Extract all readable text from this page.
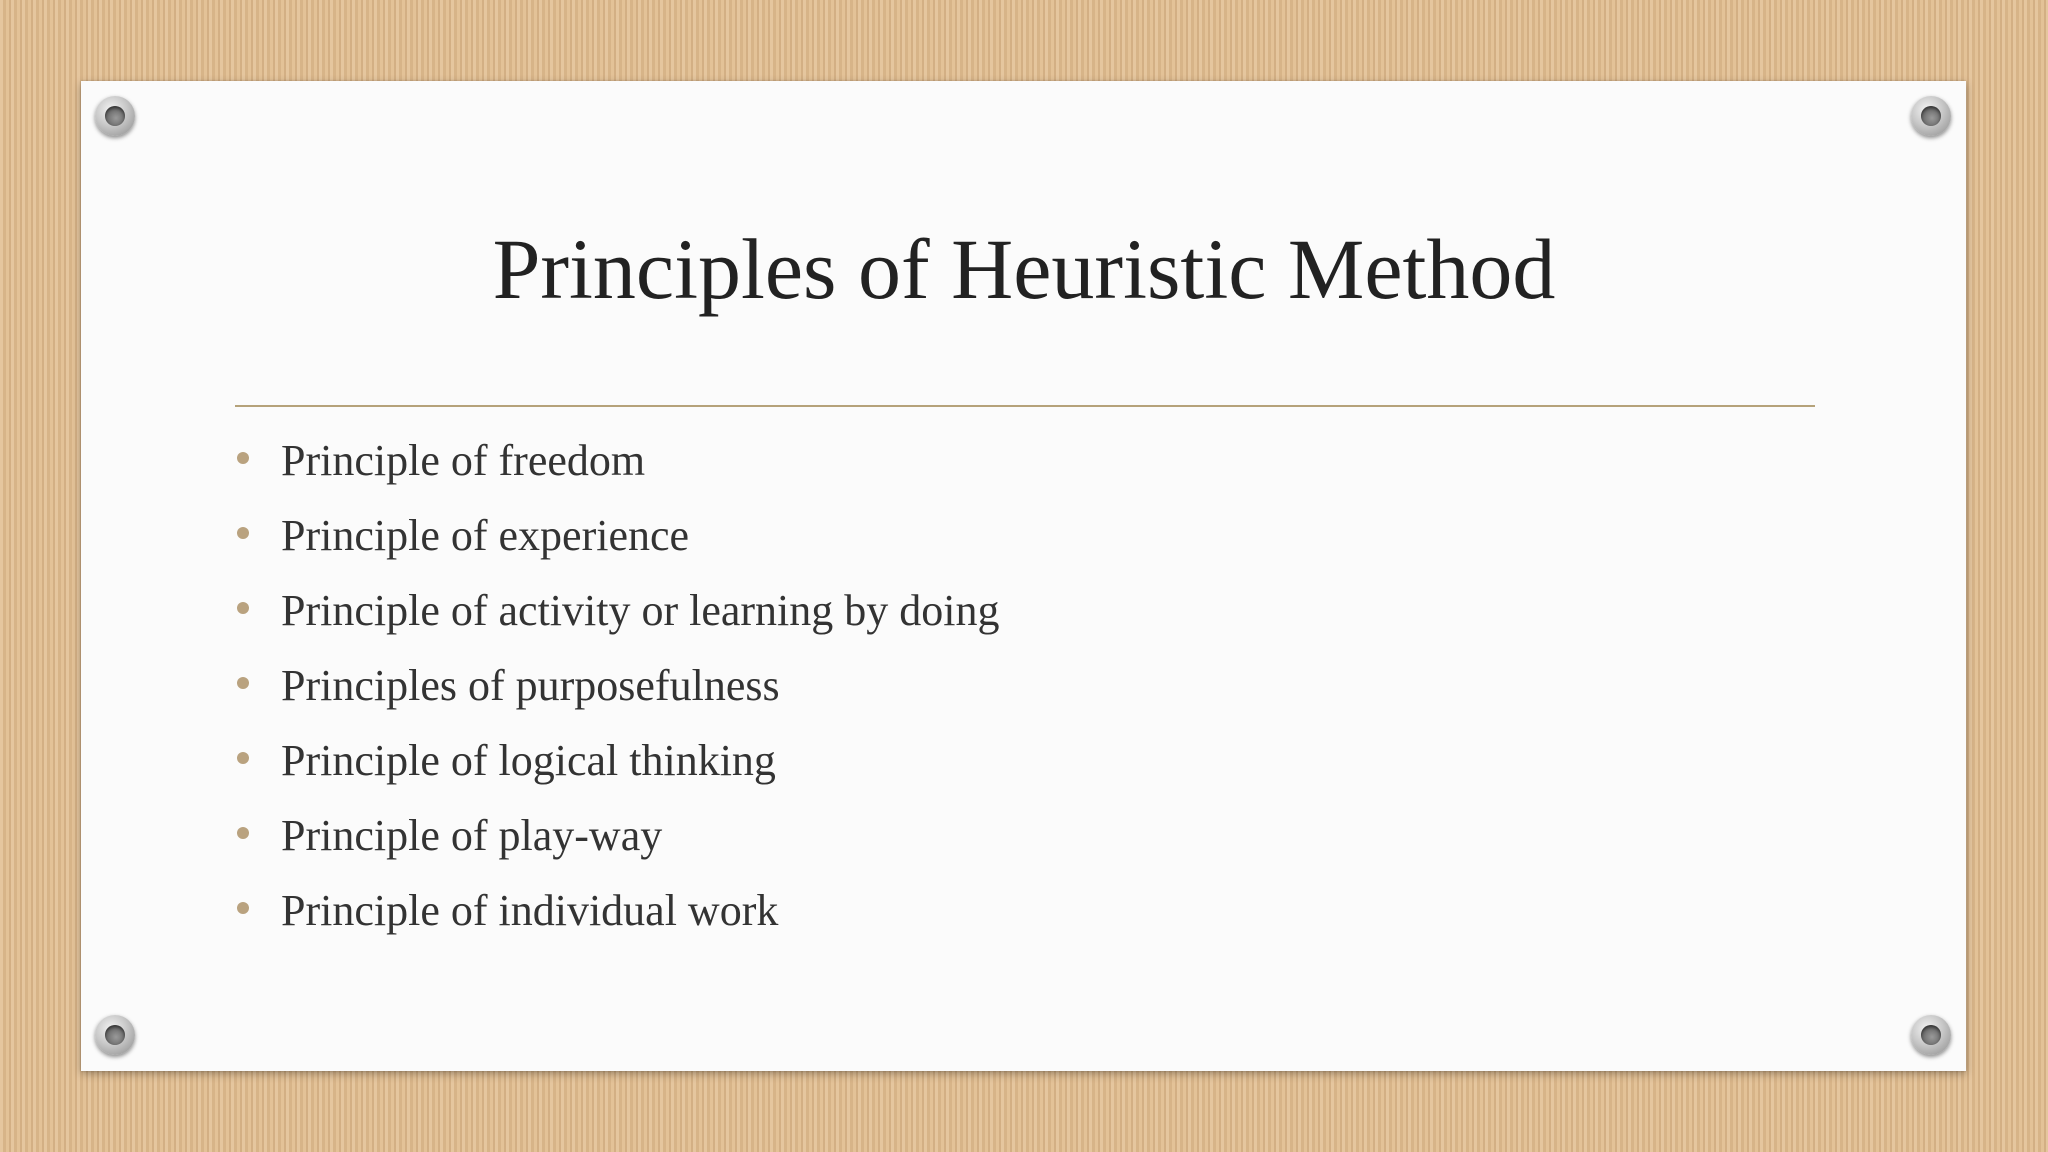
Principles of Heuristic Method
Principle of freedom
Principle of experience
Principle of activity or learning by doing
Principles of purposefulness
Principle of logical thinking
Principle of play-way
Principle of individual work
